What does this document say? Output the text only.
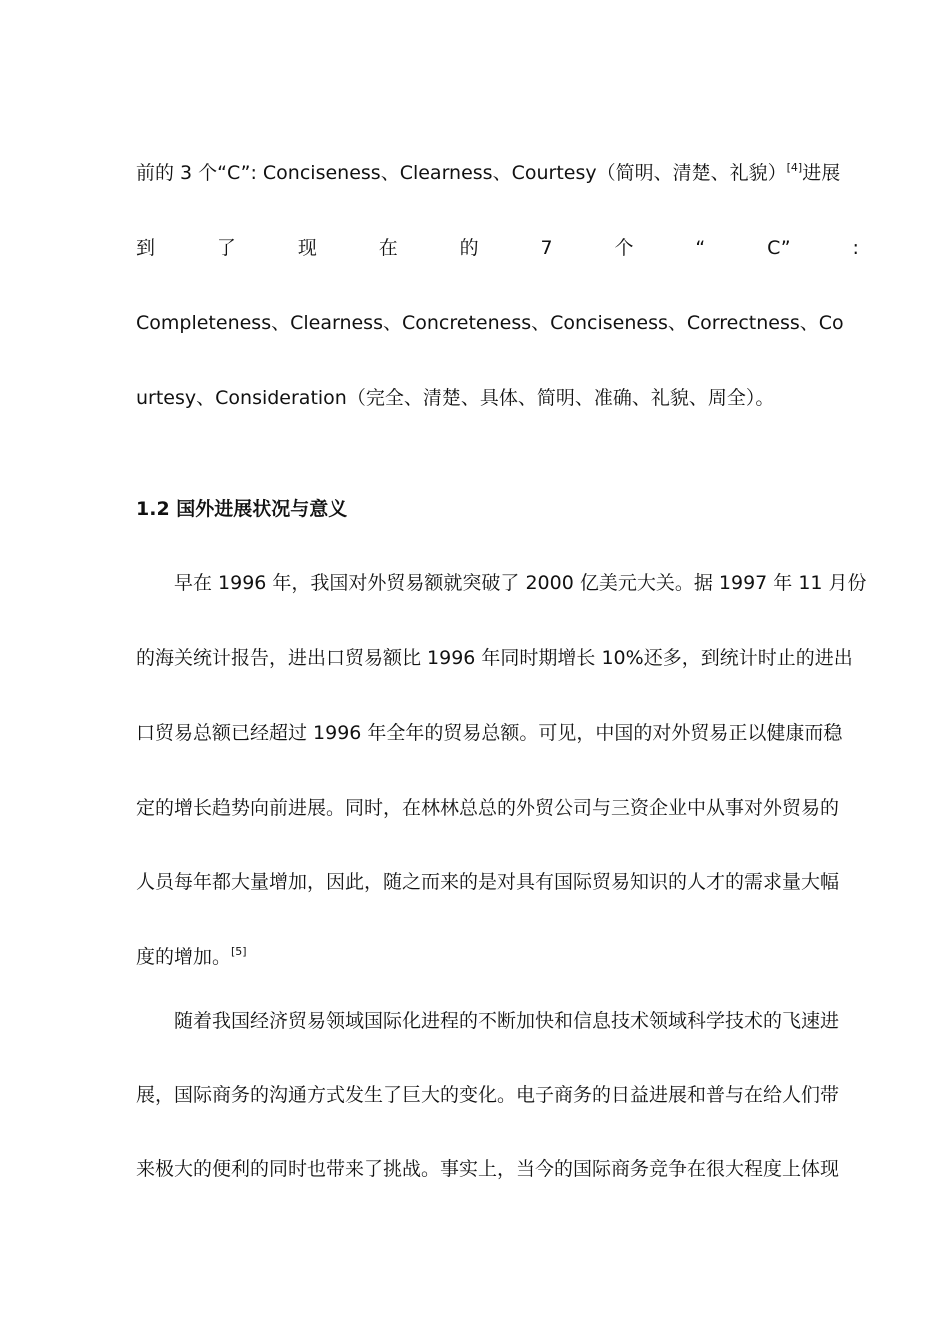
前的 3 个“C”: Conciseness、Clearness、Courtesy（简明、清楚、礼貌）[4]进展

到	了	现	在	的	7	个	“	C”	:

Completeness、Clearness、Concreteness、Conciseness、Correctness、Co

urtesy、Consideration（完全、清楚、具体、简明、准确、礼貌、周全）。

1.2 国外进展状况与意义

早在 1996 年，我国对外贸易额就突破了 2000 亿美元大关。据 1997 年 11 月份

的海关统计报告，进出口贸易额比 1996 年同时期增长 10%还多，到统计时止的进出

口贸易总额已经超过 1996 年全年的贸易总额。可见，中国的对外贸易正以健康而稳

定的增长趋势向前进展。同时，在林林总总的外贸公司与三资企业中从事对外贸易的

人员每年都大量增加，因此，随之而来的是对具有国际贸易知识的人才的需求量大幅

度的增加。[5]

随着我国经济贸易领域国际化进程的不断加快和信息技术领域科学技术的飞速进

展，国际商务的沟通方式发生了巨大的变化。电子商务的日益进展和普与在给人们带

来极大的便利的同时也带来了挑战。事实上，当今的国际商务竞争在很大程度上体现
